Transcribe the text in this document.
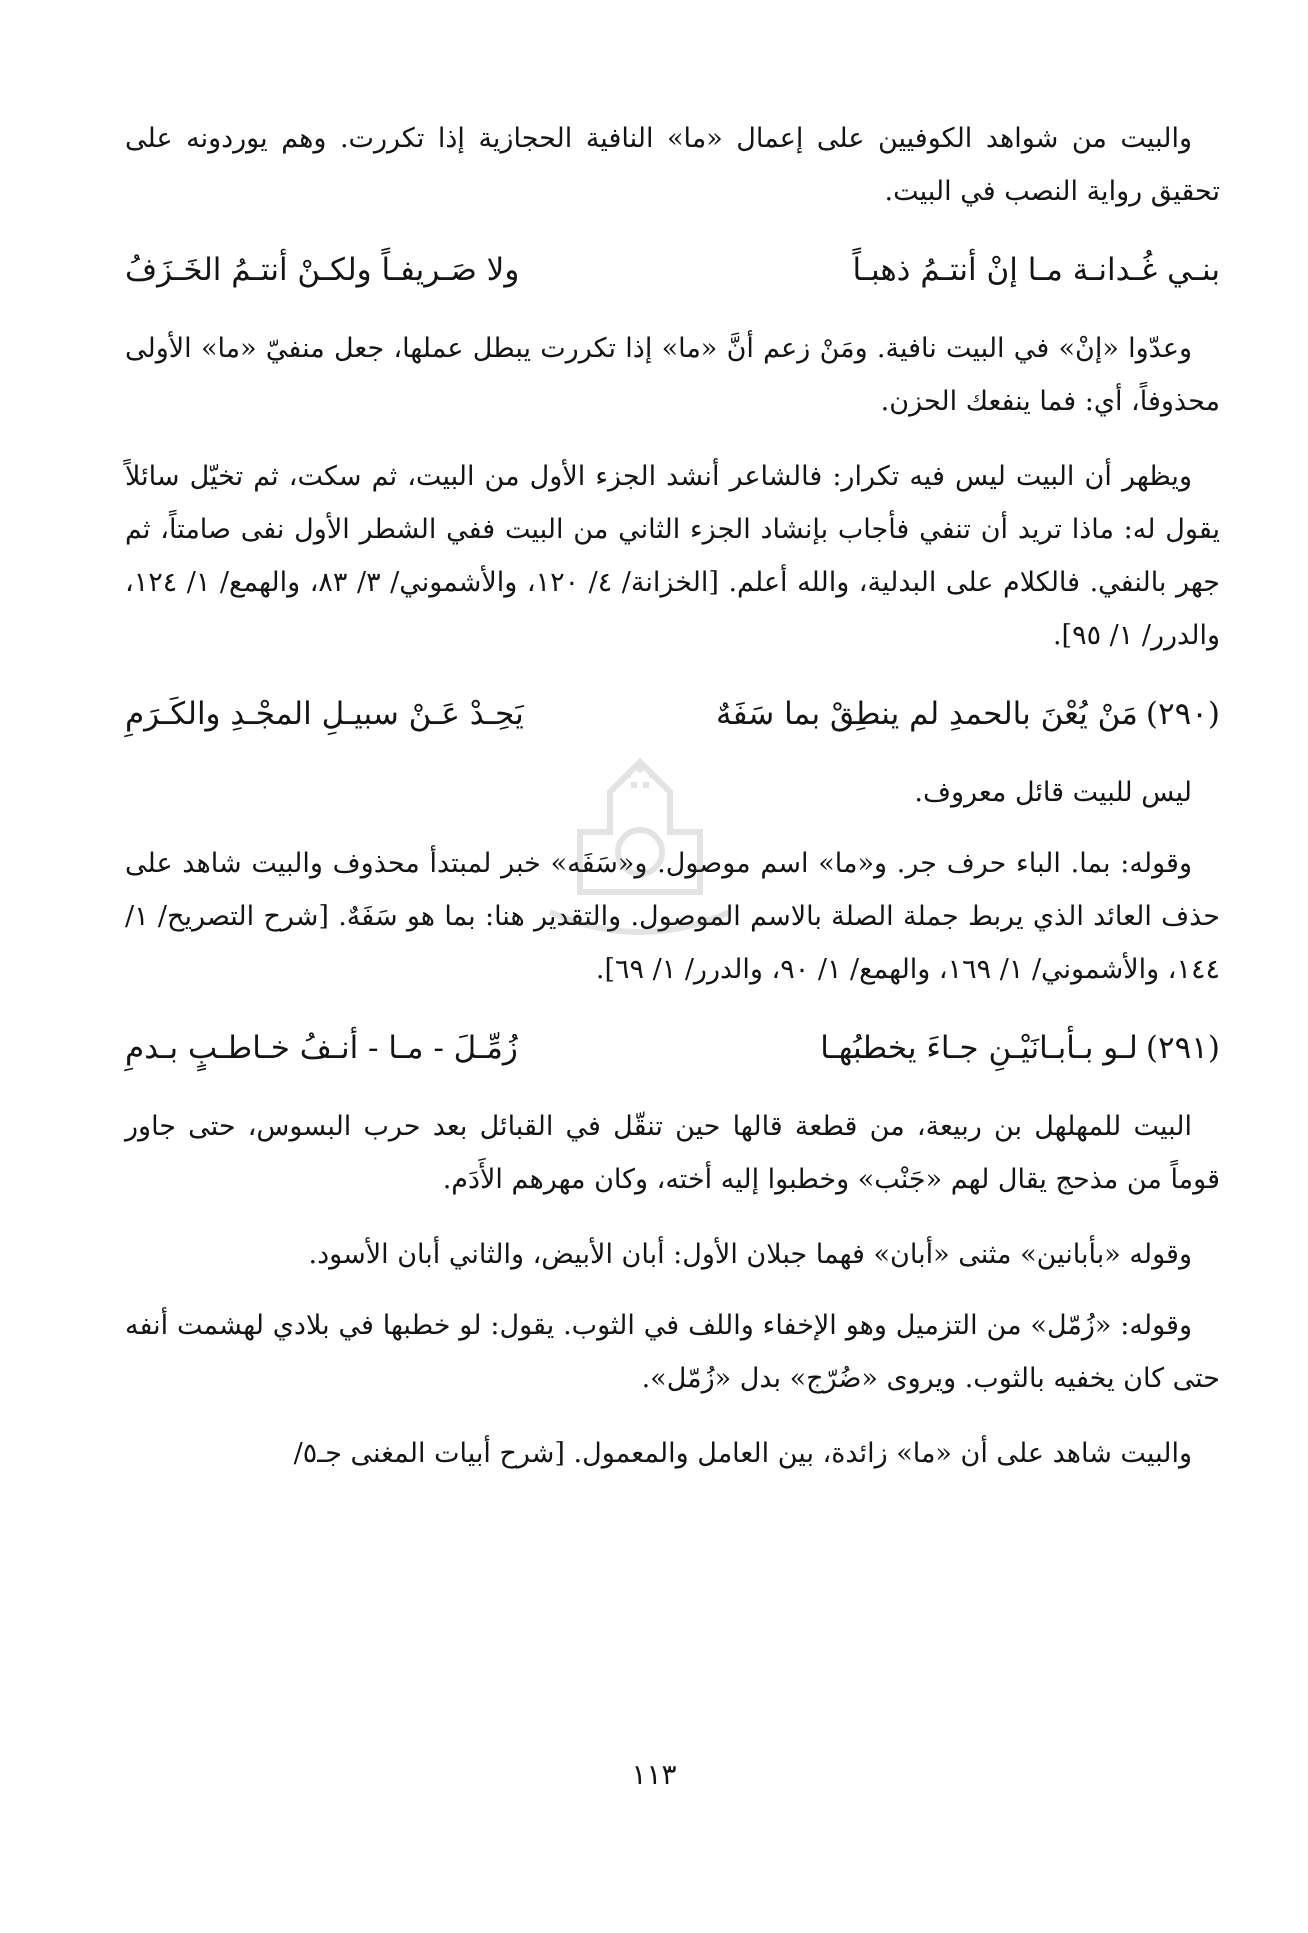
والبيت من شواهد الكوفيين على إعمال «ما» النافية الحجازية إذا تكررت. وهم يوردونه على تحقيق رواية النصب في البيت.

بنـي غُـدانـة مـا إنْ أنتـمُ ذهبـاً
ولا صَـريفـاً ولكـنْ أنتـمُ الخَـزَفُ

وعدّوا «إنْ» في البيت نافية. ومَنْ زعم أنَّ «ما» إذا تكررت يبطل عملها، جعل منفيّ «ما» الأولى محذوفاً، أي: فما ينفعك الحزن.

ويظهر أن البيت ليس فيه تكرار: فالشاعر أنشد الجزء الأول من البيت، ثم سكت، ثم تخيّل سائلاً يقول له: ماذا تريد أن تنفي فأجاب بإنشاد الجزء الثاني من البيت ففي الشطر الأول نفى صامتاً، ثم جهر بالنفي. فالكلام على البدلية، والله أعلم. [الخزانة/ ٤/ ١٢٠، والأشموني/ ٣/ ٨٣، والهمع/ ١/ ١٢٤، والدرر/ ١/ ٩٥].

(٢٩٠)
مَنْ يُعْنَ بالحمدِ لم ينطِقْ بما سَفَهٌ
يَحِـدْ عَـنْ سبيـلِ المجْـدِ والكَـرَمِ

ليس للبيت قائل معروف.

وقوله: بما. الباء حرف جر. و«ما» اسم موصول. و«سَفَه» خبر لمبتدأ محذوف والبيت شاهد على حذف العائد الذي يربط جملة الصلة بالاسم الموصول. والتقدير هنا: بما هو سَفَهٌ. [شرح التصريح/ ١/ ١٤٤، والأشموني/ ١/ ١٦٩، والهمع/ ١/ ٩٠، والدرر/ ١/ ٦٩].

(٢٩١)
لـو بـأبـانَيْـنِ جـاءَ يخطبُهـا
زُمِّـلَ - مـا - أنـفُ خـاطـبٍ بـدمِ

البيت للمهلهل بن ربيعة، من قطعة قالها حين تنقّل في القبائل بعد حرب البسوس، حتى جاور قوماً من مذحج يقال لهم «جَنْب» وخطبوا إليه أخته، وكان مهرهم الأَدَم.

وقوله «بأبانين» مثنى «أبان» فهما جبلان الأول: أبان الأبيض، والثاني أبان الأسود.

وقوله: «زُمّل» من التزميل وهو الإخفاء واللف في الثوب. يقول: لو خطبها في بلادي لهشمت أنفه حتى كان يخفيه بالثوب. ويروى «ضُرّج» بدل «زُمّل».

والبيت شاهد على أن «ما» زائدة، بين العامل والمعمول. [شرح أبيات المغنى جـ٥/

١١٣
